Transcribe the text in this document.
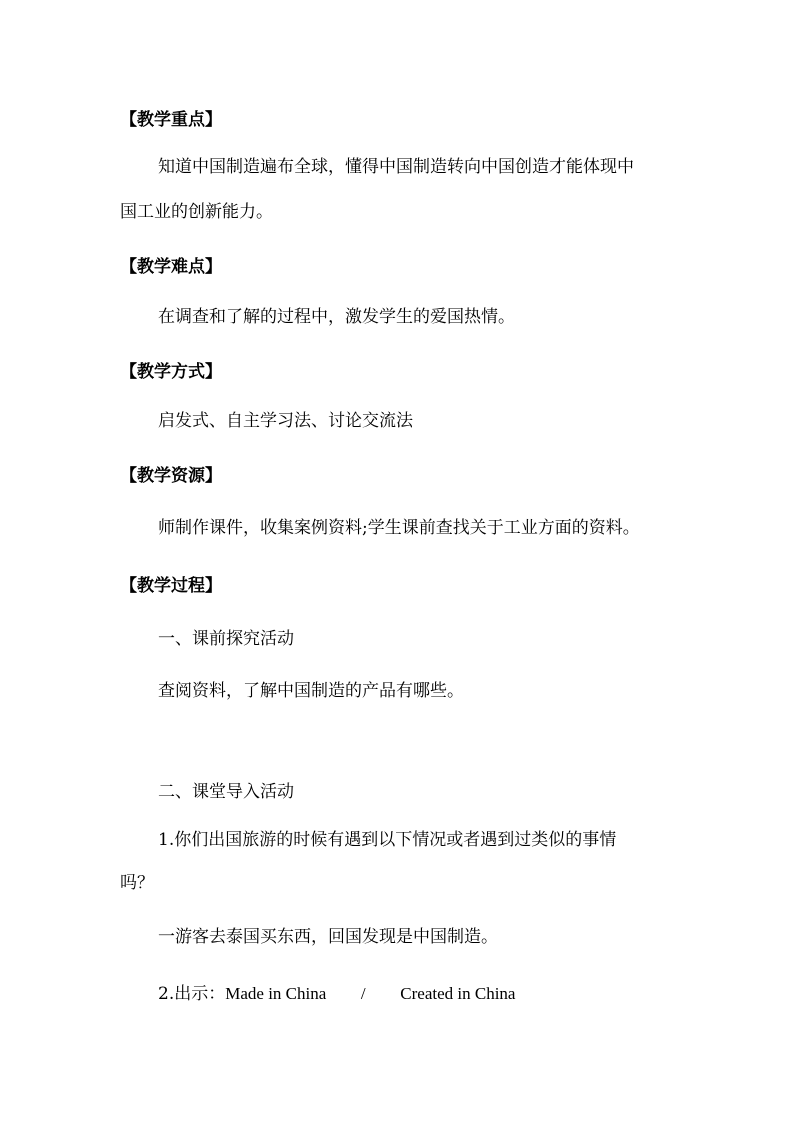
【教学重点】
知道中国制造遍布全球，懂得中国制造转向中国创造才能体现中
国工业的创新能力。
【教学难点】
在调查和了解的过程中，激发学生的爱国热情。
【教学方式】
启发式、自主学习法、讨论交流法
【教学资源】
师制作课件，收集案例资料;学生课前查找关于工业方面的资料。
【教学过程】
一、课前探究活动
查阅资料，了解中国制造的产品有哪些。
二、课堂导入活动
1.你们出国旅游的时候有遇到以下情况或者遇到过类似的事情
吗？
一游客去泰国买东西，回国发现是中国制造。
2.出示：Made in China / Created in China
